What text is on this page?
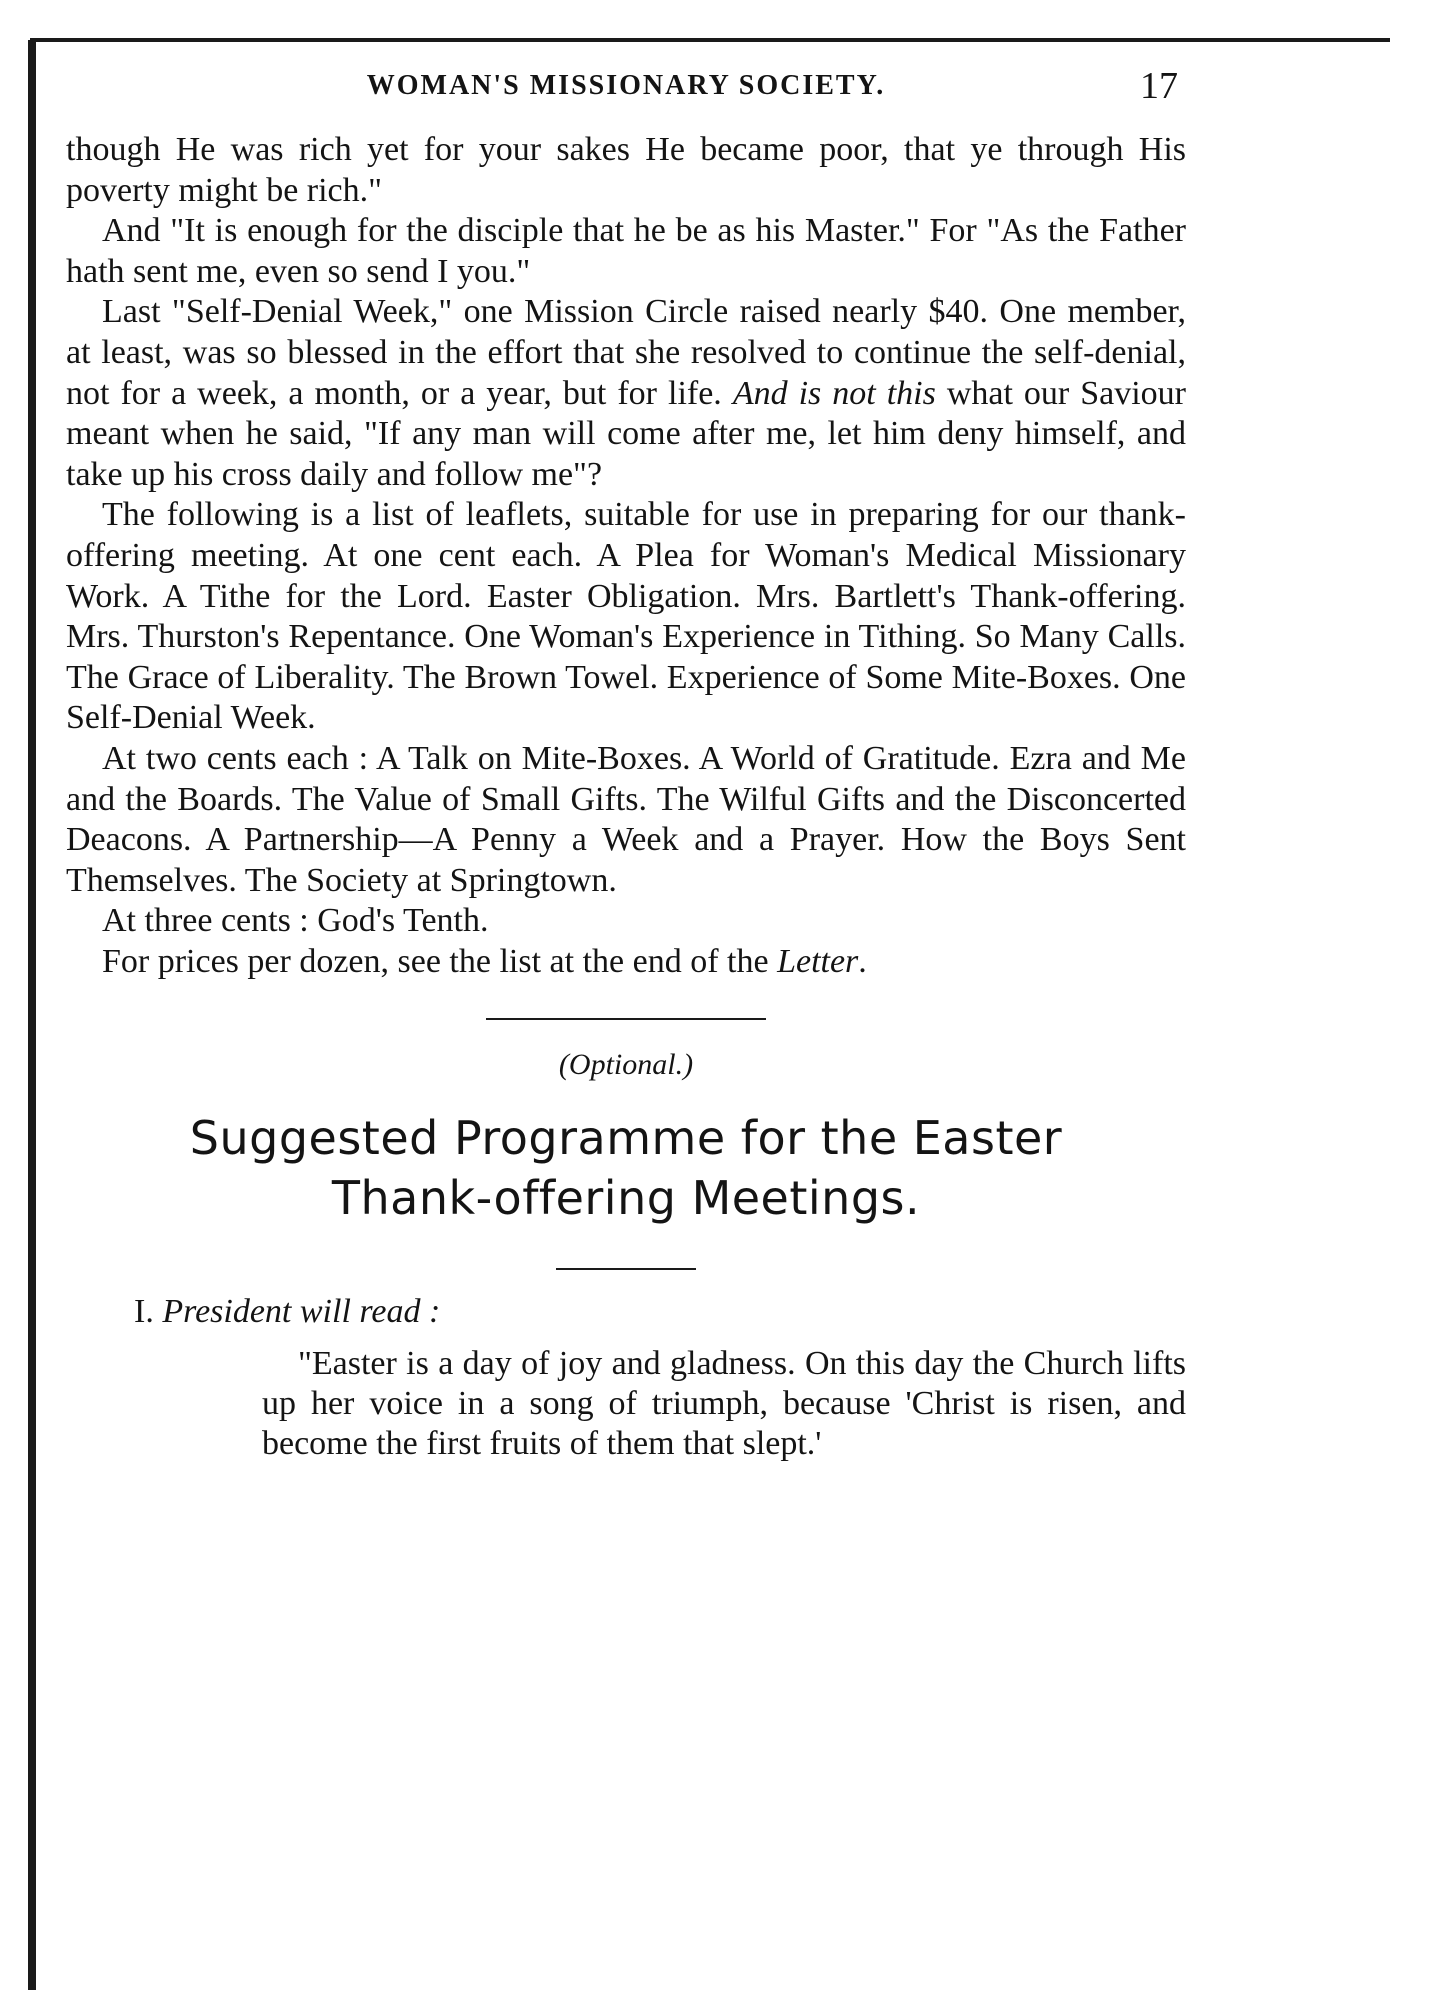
WOMAN'S MISSIONARY SOCIETY.	17

though He was rich yet for your sakes He became poor, that ye through His poverty might be rich."

And "It is enough for the disciple that he be as his Master." For "As the Father hath sent me, even so send I you."

Last "Self-Denial Week," one Mission Circle raised nearly $40. One member, at least, was so blessed in the effort that she resolved to continue the self-denial, not for a week, a month, or a year, but for life. And is not this what our Saviour meant when he said, "If any man will come after me, let him deny himself, and take up his cross daily and follow me"?

The following is a list of leaflets, suitable for use in preparing for our thank-offering meeting. At one cent each. A Plea for Woman's Medical Missionary Work. A Tithe for the Lord. Easter Obligation. Mrs. Bartlett's Thank-offering. Mrs. Thurston's Repentance. One Woman's Experience in Tithing. So Many Calls. The Grace of Liberality. The Brown Towel. Experience of Some Mite-Boxes. One Self-Denial Week.

At two cents each : A Talk on Mite-Boxes. A World of Gratitude. Ezra and Me and the Boards. The Value of Small Gifts. The Wilful Gifts and the Disconcerted Deacons. A Partnership—A Penny a Week and a Prayer. How the Boys Sent Themselves. The Society at Springtown.

At three cents : God's Tenth.

For prices per dozen, see the list at the end of the Letter.

(Optional.)
Suggested Programme for the Easter
Thank-offering Meetings.
I. President will read :
"Easter is a day of joy and gladness. On this day the Church lifts up her voice in a song of triumph, because 'Christ is risen, and become the first fruits of them that slept.'
